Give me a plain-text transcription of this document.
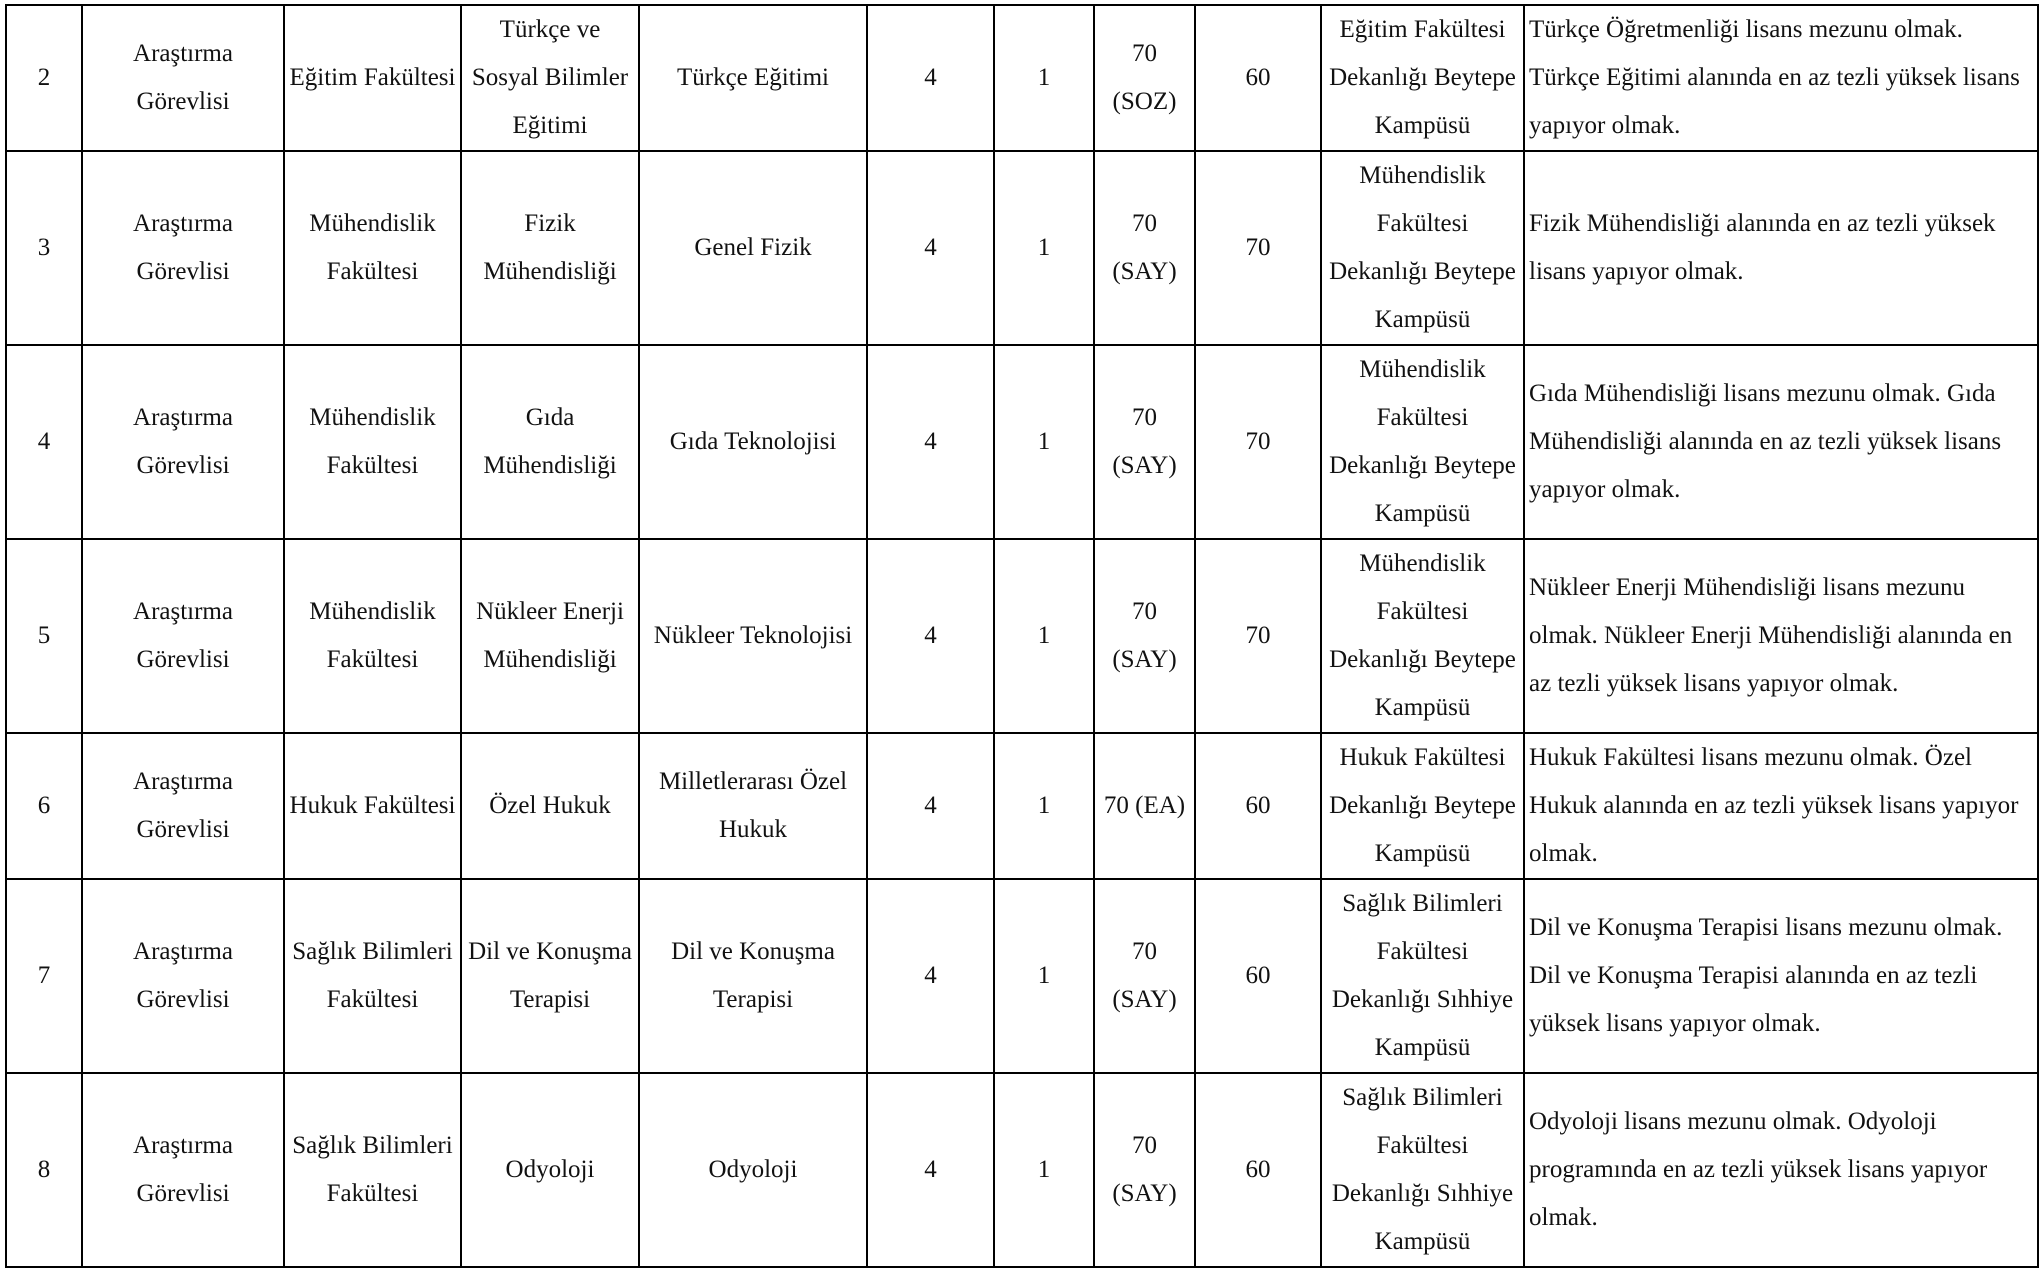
2	Araştırma Görevlisi	Eğitim Fakültesi	Türkçe ve Sosyal Bilimler Eğitimi	Türkçe Eğitimi	4	1	70 (SOZ)	60	Eğitim Fakültesi Dekanlığı Beytepe Kampüsü	Türkçe Öğretmenliği lisans mezunu olmak. Türkçe Eğitimi alanında en az tezli yüksek lisans yapıyor olmak.
3	Araştırma Görevlisi	Mühendislik Fakültesi	Fizik Mühendisliği	Genel Fizik	4	1	70 (SAY)	70	Mühendislik Fakültesi Dekanlığı Beytepe Kampüsü	Fizik Mühendisliği alanında en az tezli yüksek lisans yapıyor olmak.
4	Araştırma Görevlisi	Mühendislik Fakültesi	Gıda Mühendisliği	Gıda Teknolojisi	4	1	70 (SAY)	70	Mühendislik Fakültesi Dekanlığı Beytepe Kampüsü	Gıda Mühendisliği lisans mezunu olmak. Gıda Mühendisliği alanında en az tezli yüksek lisans yapıyor olmak.
5	Araştırma Görevlisi	Mühendislik Fakültesi	Nükleer Enerji Mühendisliği	Nükleer Teknolojisi	4	1	70 (SAY)	70	Mühendislik Fakültesi Dekanlığı Beytepe Kampüsü	Nükleer Enerji Mühendisliği lisans mezunu olmak. Nükleer Enerji Mühendisliği alanında en az tezli yüksek lisans yapıyor olmak.
6	Araştırma Görevlisi	Hukuk Fakültesi	Özel Hukuk	Milletlerarası Özel Hukuk	4	1	70 (EA)	60	Hukuk Fakültesi Dekanlığı Beytepe Kampüsü	Hukuk Fakültesi lisans mezunu olmak. Özel Hukuk alanında en az tezli yüksek lisans yapıyor olmak.
7	Araştırma Görevlisi	Sağlık Bilimleri Fakültesi	Dil ve Konuşma Terapisi	Dil ve Konuşma Terapisi	4	1	70 (SAY)	60	Sağlık Bilimleri Fakültesi Dekanlığı Sıhhiye Kampüsü	Dil ve Konuşma Terapisi lisans mezunu olmak. Dil ve Konuşma Terapisi alanında en az tezli yüksek lisans yapıyor olmak.
8	Araştırma Görevlisi	Sağlık Bilimleri Fakültesi	Odyoloji	Odyoloji	4	1	70 (SAY)	60	Sağlık Bilimleri Fakültesi Dekanlığı Sıhhiye Kampüsü	Odyoloji lisans mezunu olmak. Odyoloji programında en az tezli yüksek lisans yapıyor olmak.
